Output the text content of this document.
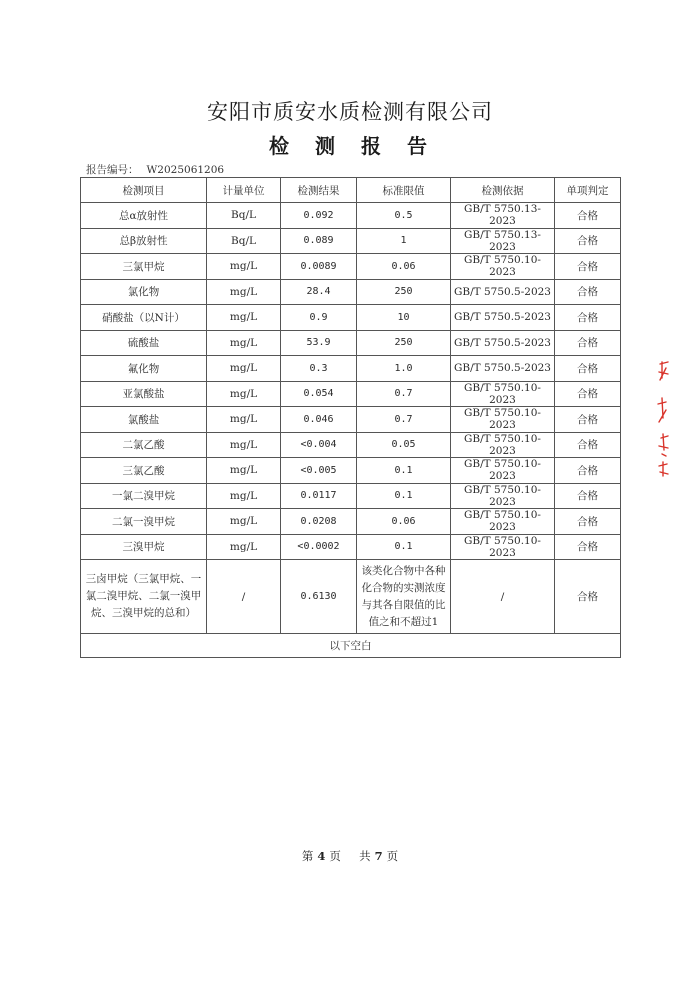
安阳市质安水质检测有限公司
检测报告
报告编号： W2025061206
检测项目	计量单位	检测结果	标准限值	检测依据	单项判定
总α放射性	Bq/L	0.092	0.5	GB/T 5750.13-2023	合格
总β放射性	Bq/L	0.089	1	GB/T 5750.13-2023	合格
三氯甲烷	mg/L	0.0089	0.06	GB/T 5750.10-2023	合格
氯化物	mg/L	28.4	250	GB/T 5750.5-2023	合格
硝酸盐（以N计）	mg/L	0.9	10	GB/T 5750.5-2023	合格
硫酸盐	mg/L	53.9	250	GB/T 5750.5-2023	合格
氟化物	mg/L	0.3	1.0	GB/T 5750.5-2023	合格
亚氯酸盐	mg/L	0.054	0.7	GB/T 5750.10-2023	合格
氯酸盐	mg/L	0.046	0.7	GB/T 5750.10-2023	合格
二氯乙酸	mg/L	<0.004	0.05	GB/T 5750.10-2023	合格
三氯乙酸	mg/L	<0.005	0.1	GB/T 5750.10-2023	合格
一氯二溴甲烷	mg/L	0.0117	0.1	GB/T 5750.10-2023	合格
二氯一溴甲烷	mg/L	0.0208	0.06	GB/T 5750.10-2023	合格
三溴甲烷	mg/L	<0.0002	0.1	GB/T 5750.10-2023	合格
三卤甲烷（三氯甲烷、一氯二溴甲烷、二氯一溴甲烷、三溴甲烷的总和）	/	0.6130	该类化合物中各种化合物的实测浓度与其各自限值的比值之和不超过1	/	合格
以下空白					
第 4 页 共 7 页
